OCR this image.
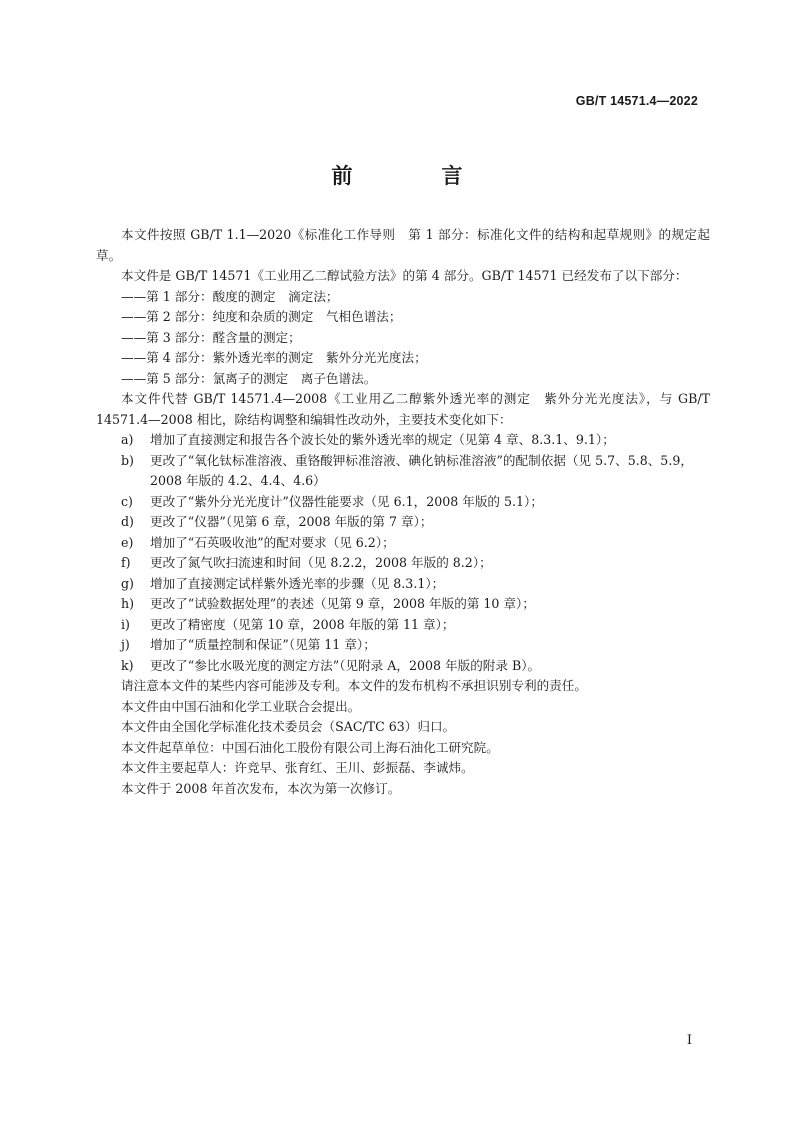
GB/T 14571.4—2022
前　言

本文件按照 GB/T 1.1—2020《标准化工作导则　第 1 部分：标准化文件的结构和起草规则》的规定起草。

本文件是 GB/T 14571《工业用乙二醇试验方法》的第 4 部分。GB/T 14571 已经发布了以下部分：

——第 1 部分：酸度的测定　滴定法；

——第 2 部分：纯度和杂质的测定　气相色谱法；

——第 3 部分：醛含量的测定；

——第 4 部分：紫外透光率的测定　紫外分光光度法；

——第 5 部分：氯离子的测定　离子色谱法。

本文件代替 GB/T 14571.4—2008《工业用乙二醇紫外透光率的测定　紫外分光光度法》，与 GB/T 14571.4—2008 相比，除结构调整和编辑性改动外，主要技术变化如下：

a) 增加了直接测定和报告各个波长处的紫外透光率的规定（见第 4 章、8.3.1、9.1）；
b) 更改了“氧化钛标准溶液、重铬酸钾标准溶液、碘化钠标准溶液”的配制依据（见 5.7、5.8、5.9，2008 年版的 4.2、4.4、4.6）
c) 更改了“紫外分光光度计”仪器性能要求（见 6.1，2008 年版的 5.1）；
d) 更改了“仪器”（见第 6 章，2008 年版的第 7 章）；
e) 增加了“石英吸收池”的配对要求（见 6.2）；
f) 更改了氮气吹扫流速和时间（见 8.2.2，2008 年版的 8.2）；
g) 增加了直接测定试样紫外透光率的步骤（见 8.3.1）；
h) 更改了“试验数据处理”的表述（见第 9 章，2008 年版的第 10 章）；
i) 更改了精密度（见第 10 章，2008 年版的第 11 章）；
j) 增加了“质量控制和保证”（见第 11 章）；
k) 更改了“参比水吸光度的测定方法”（见附录 A，2008 年版的附录 B）。

请注意本文件的某些内容可能涉及专利。本文件的发布机构不承担识别专利的责任。

本文件由中国石油和化学工业联合会提出。

本文件由全国化学标准化技术委员会（SAC/TC 63）归口。

本文件起草单位：中国石油化工股份有限公司上海石油化工研究院。

本文件主要起草人：许竞早、张育红、王川、彭振磊、李诚炜。

本文件于 2008 年首次发布，本次为第一次修订。

I
